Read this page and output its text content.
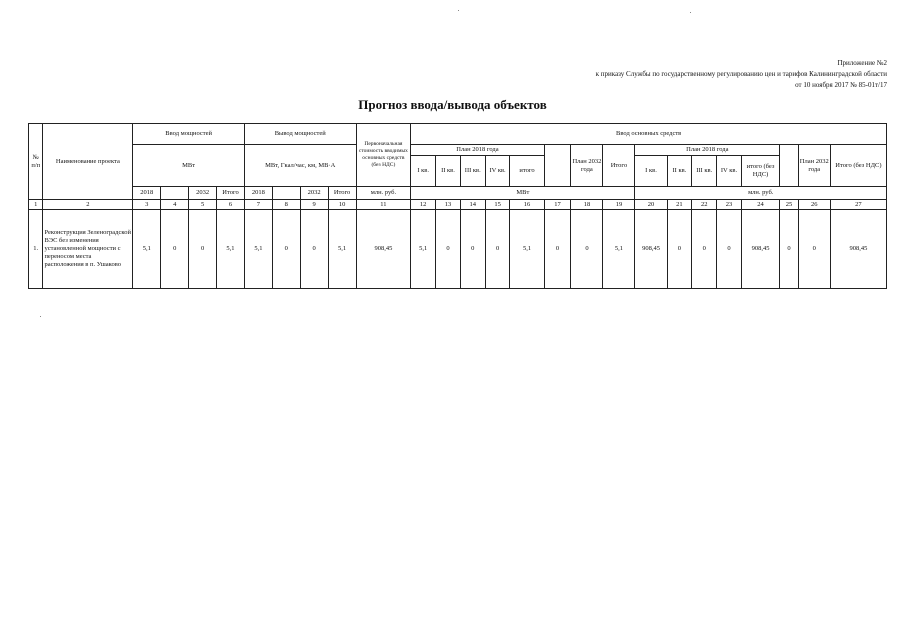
Приложение №2
к приказу Службы по государственному регулированию цен и тарифов Калининградской области
от 10 ноября 2017 № 85-01т/17
Прогноз ввода/вывода объектов
№ п/п	Наименование проекта	Ввод мощностей				Вывод мощностей				Первоначальная стоимость вводимых основных средств (без НДС)	Ввод основных средств															
		МВт				МВт, Гкал/час, км, МВ·А					План 2018 года						План 2032 года	Итого	План 2018 года						План 2032 года	Итого (без НДС)
											I кв.	II кв.	III кв.	IV кв.	итого				I кв.	II кв.	III кв.	IV кв.	итого (без НДС)			
		2018		2032	Итого	2018		2032	Итого	млн. руб.	МВт								млн. руб.							
1	2	3	4	5	6	7	8	9	10	11	12	13	14	15	16	17	18	19	20	21	22	23	24	25	26	27
1.	Реконструкция Зеленоградской ВЭС без изменения установленной мощности с переносом места расположения в п. Ушаково	5,1	0	0	5,1	5,1	0	0	5,1	908,45	5,1	0	0	0	5,1	0	0	5,1	908,45	0	0	0	908,45	0	0	908,45
